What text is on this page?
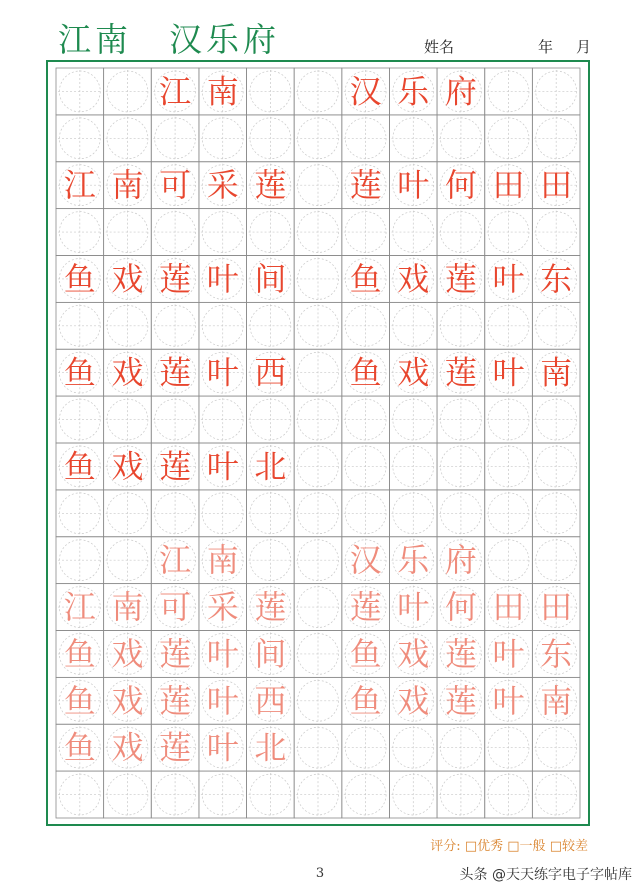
江南　汉乐府	姓名	年 月
江 南	汉 乐 府
江 南 可 采 莲 莲 叶 何 田 田
鱼 戏 莲 叶 间 鱼 戏 莲 叶 东
鱼 戏 莲 叶 西 鱼 戏 莲 叶 南
鱼 戏 莲 叶 北
江 南	汉 乐 府
江 南 可 采 莲 莲 叶 何 田 田
鱼 戏 莲 叶 间 鱼 戏 莲 叶 东
鱼 戏 莲 叶 西 鱼 戏 莲 叶 南
鱼 戏 莲 叶 北
评分: □优秀 □一般 □较差
3	头条 @天天练字电子字帖库
